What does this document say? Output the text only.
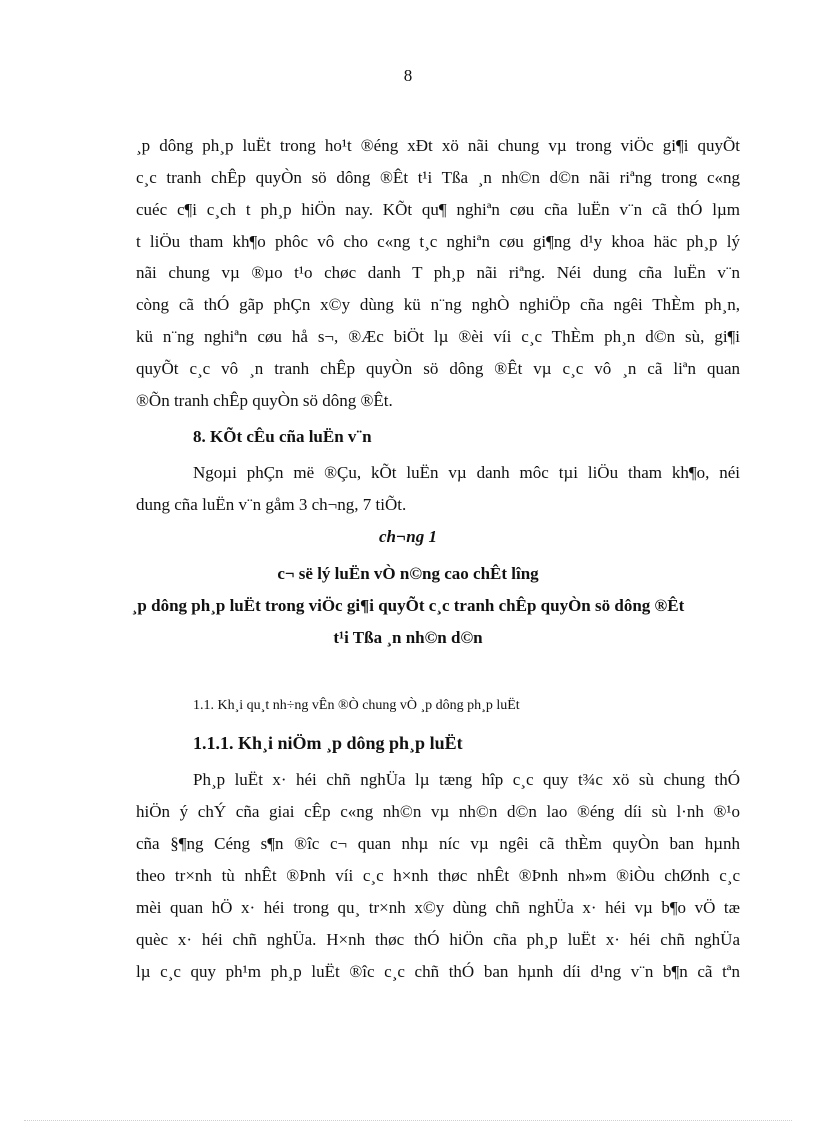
8
¸p dông ph¸p luËt trong ho¹t ®éng xÐt xö nãi chung vµ trong viÖc gi¶i quyÕt
c¸c tranh chÊp quyÒn sö dông ®Êt t¹i Tßa ¸n nh©n d©n nãi riªng trong c«ng
cuéc c¶i c¸ch t ph¸p hiÖn nay. KÕt qu¶ nghiªn cøu cña luËn v¨n cã thÓ lµm
t liÖu tham kh¶o phôc vô cho c«ng t¸c nghiªn cøu gi¶ng d¹y khoa häc ph¸p lý
nãi chung vµ ®µo t¹o chøc danh T ph¸p nãi riªng. Néi dung cña luËn v¨n
còng cã thÓ gãp phÇn x©y dùng kü n¨ng nghÒ nghiÖp cña ngêi ThÈm ph¸n,
kü n¨ng nghiªn cøu hå s¬, ®Æc biÖt lµ ®èi víi c¸c ThÈm ph¸n d©n sù, gi¶i
quyÕt c¸c vô ¸n tranh chÊp quyÒn sö dông ®Êt vµ c¸c vô ¸n cã liªn quan
®Õn tranh chÊp quyÒn sö dông ®Êt.
8. KÕt cÊu cña luËn v¨n
Ngoµi phÇn më ®Çu, kÕt luËn vµ danh môc tµi liÖu tham kh¶o, néi
dung cña luËn v¨n gåm 3 ch¬ng, 7 tiÕt.
ch¬ng 1
c¬ së lý luËn vÒ n©ng cao chÊt lîng
¸p dông ph¸p luËt trong viÖc gi¶i quyÕt c¸c tranh chÊp quyÒn sö dông ®Êt
t¹i Tßa ¸n nh©n d©n
1.1. Kh¸i qu¸t nh÷ng vÊn ®Ò chung vÒ ¸p dông ph¸p luËt
1.1.1. Kh¸i niÖm ¸p dông ph¸p luËt
Ph¸p luËt x· héi chñ nghÜa lµ tæng hîp c¸c quy t¾c xö sù chung thÓ
hiÖn ý chÝ cña giai cÊp c«ng nh©n vµ nh©n d©n lao ®éng díi sù l·nh ®¹o
cña §¶ng Céng s¶n ®îc c¬ quan nhµ níc vµ ngêi cã thÈm quyÒn ban hµnh
theo tr×nh tù nhÊt ®Þnh víi c¸c h×nh thøc nhÊt ®Þnh nh»m ®iÒu chØnh c¸c
mèi quan hÖ x· héi trong qu¸ tr×nh x©y dùng chñ nghÜa x· héi vµ b¶o vÖ tæ
quèc x· héi chñ nghÜa. H×nh thøc thÓ hiÖn cña ph¸p luËt x· héi chñ nghÜa
lµ c¸c quy ph¹m ph¸p luËt ®îc c¸c chñ thÓ ban hµnh díi d¹ng v¨n b¶n cã tªn
